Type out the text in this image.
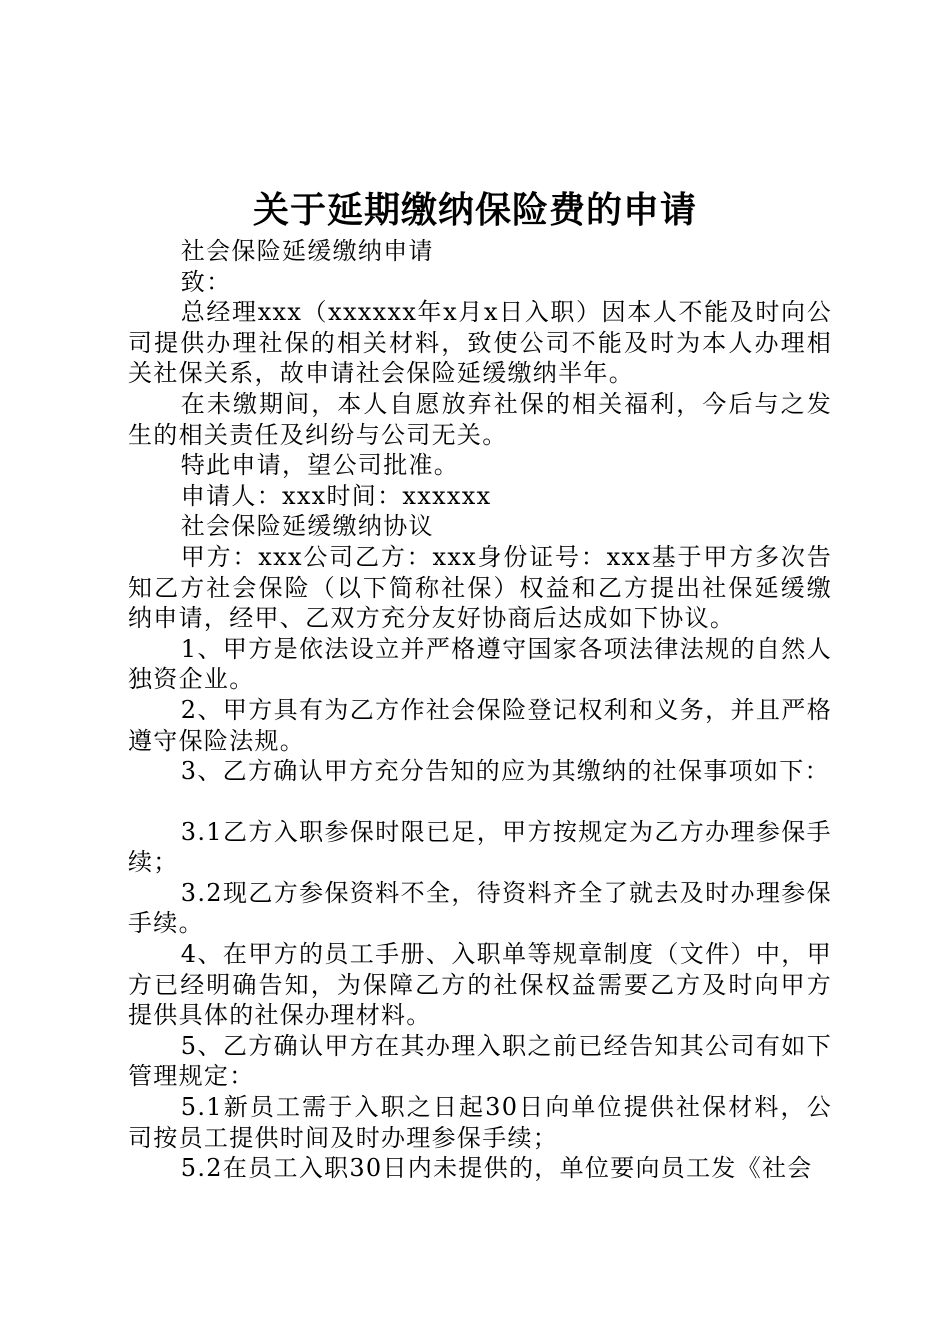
关于延期缴纳保险费的申请

社会保险延缓缴纳申请

致：

总经理xxx（xxxxxx年x月x日入职）因本人不能及时向公司提供办理社保的相关材料，致使公司不能及时为本人办理相关社保关系，故申请社会保险延缓缴纳半年。

在未缴期间，本人自愿放弃社保的相关福利，今后与之发生的相关责任及纠纷与公司无关。

特此申请，望公司批准。

申请人：xxx时间：xxxxxx

社会保险延缓缴纳协议

甲方：xxx公司乙方：xxx身份证号：xxx基于甲方多次告知乙方社会保险（以下简称社保）权益和乙方提出社保延缓缴纳申请，经甲、乙双方充分友好协商后达成如下协议。

1、甲方是依法设立并严格遵守国家各项法律法规的自然人独资企业。

2、甲方具有为乙方作社会保险登记权利和义务，并且严格遵守保险法规。

3、乙方确认甲方充分告知的应为其缴纳的社保事项如下：

3.1乙方入职参保时限已足，甲方按规定为乙方办理参保手续；

3.2现乙方参保资料不全，待资料齐全了就去及时办理参保手续。

4、在甲方的员工手册、入职单等规章制度（文件）中，甲方已经明确告知，为保障乙方的社保权益需要乙方及时向甲方提供具体的社保办理材料。

5、乙方确认甲方在其办理入职之前已经告知其公司有如下管理规定：

5.1新员工需于入职之日起30日向单位提供社保材料，公司按员工提供时间及时办理参保手续；

5.2在员工入职30日内未提供的，单位要向员工发《社会
